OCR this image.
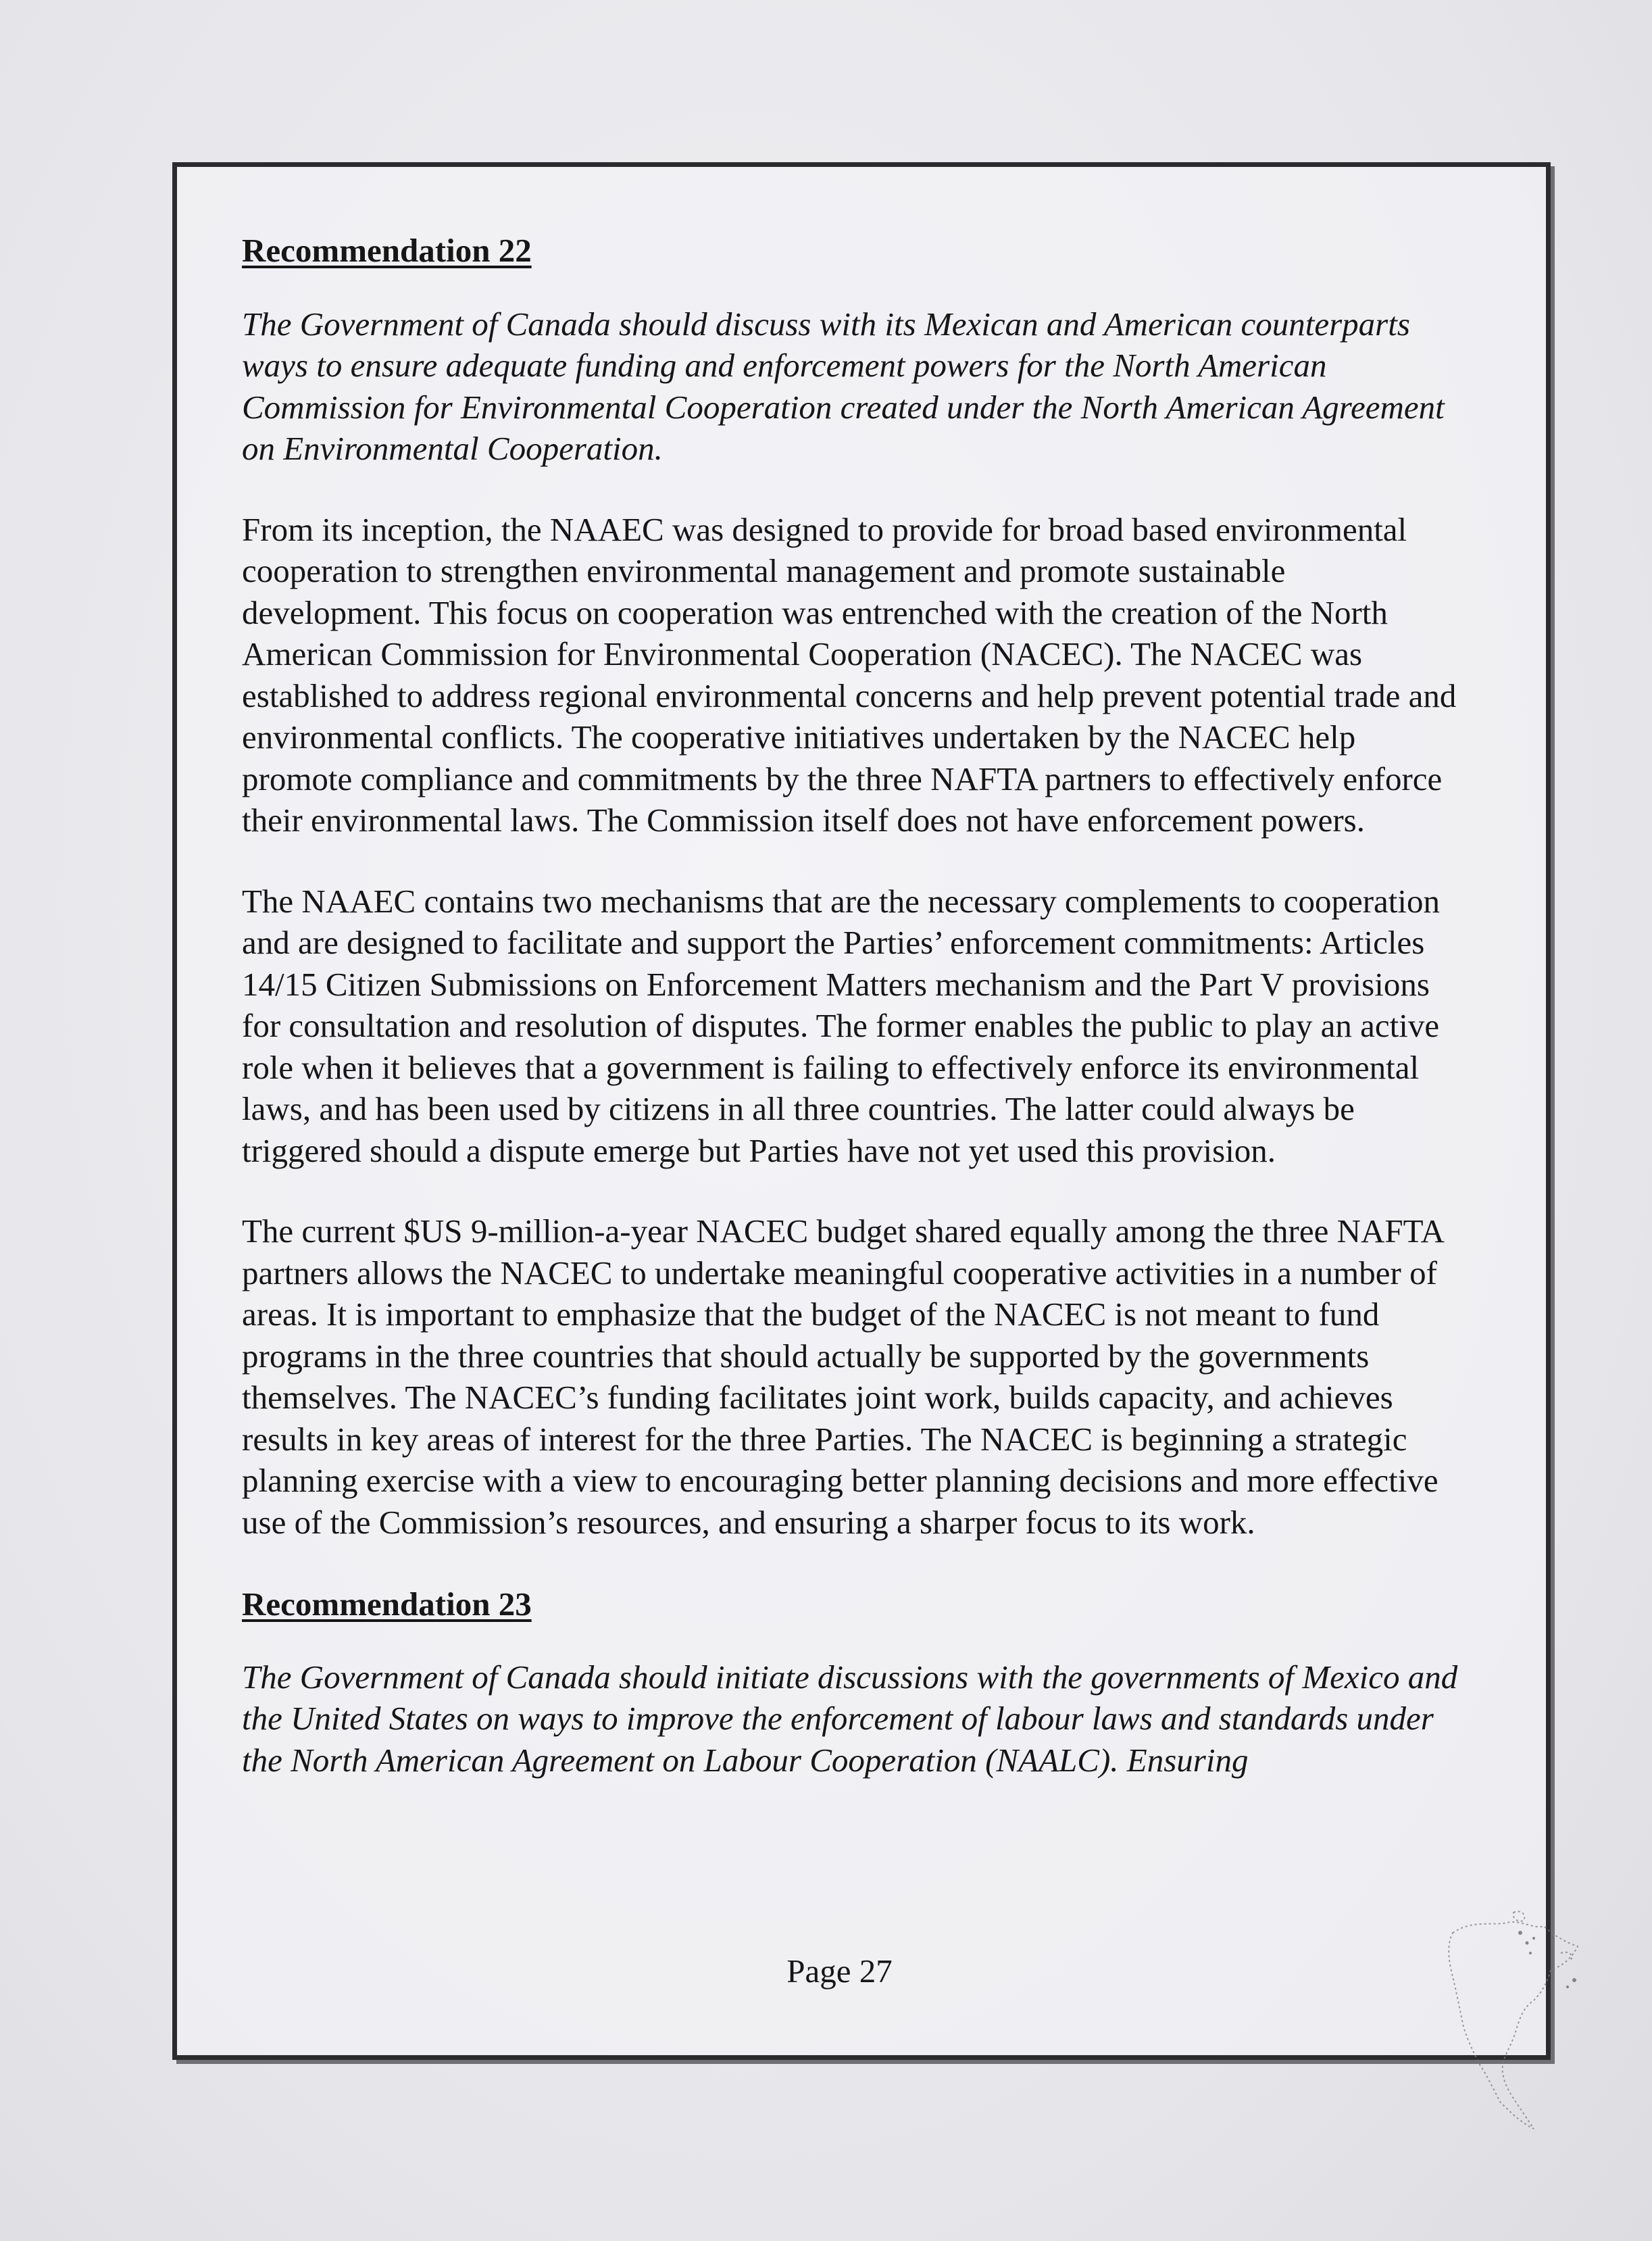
Recommendation 22

The Government of Canada should discuss with its Mexican and American counterparts ways to ensure adequate funding and enforcement powers for the North American Commission for Environmental Cooperation created under the North American Agreement on Environmental Cooperation.

From its inception, the NAAEC was designed to provide for broad based environmental cooperation to strengthen environmental management and promote sustainable development. This focus on cooperation was entrenched with the creation of the North American Commission for Environmental Cooperation (NACEC). The NACEC was established to address regional environmental concerns and help prevent potential trade and environmental conflicts. The cooperative initiatives undertaken by the NACEC help promote compliance and commitments by the three NAFTA partners to effectively enforce their environmental laws. The Commission itself does not have enforcement powers.

The NAAEC contains two mechanisms that are the necessary complements to cooperation and are designed to facilitate and support the Parties’ enforcement commitments: Articles 14/15 Citizen Submissions on Enforcement Matters mechanism and the Part V provisions for consultation and resolution of disputes. The former enables the public to play an active role when it believes that a government is failing to effectively enforce its environmental laws, and has been used by citizens in all three countries. The latter could always be triggered should a dispute emerge but Parties have not yet used this provision.

The current $US 9-million-a-year NACEC budget shared equally among the three NAFTA partners allows the NACEC to undertake meaningful cooperative activities in a number of areas. It is important to emphasize that the budget of the NACEC is not meant to fund programs in the three countries that should actually be supported by the governments themselves. The NACEC’s funding facilitates joint work, builds capacity, and achieves results in key areas of interest for the three Parties. The NACEC is beginning a strategic planning exercise with a view to encouraging better planning decisions and more effective use of the Commission’s resources, and ensuring a sharper focus to its work.

Recommendation 23

The Government of Canada should initiate discussions with the governments of Mexico and the United States on ways to improve the enforcement of labour laws and standards under the North American Agreement on Labour Cooperation (NAALC). Ensuring

Page 27
